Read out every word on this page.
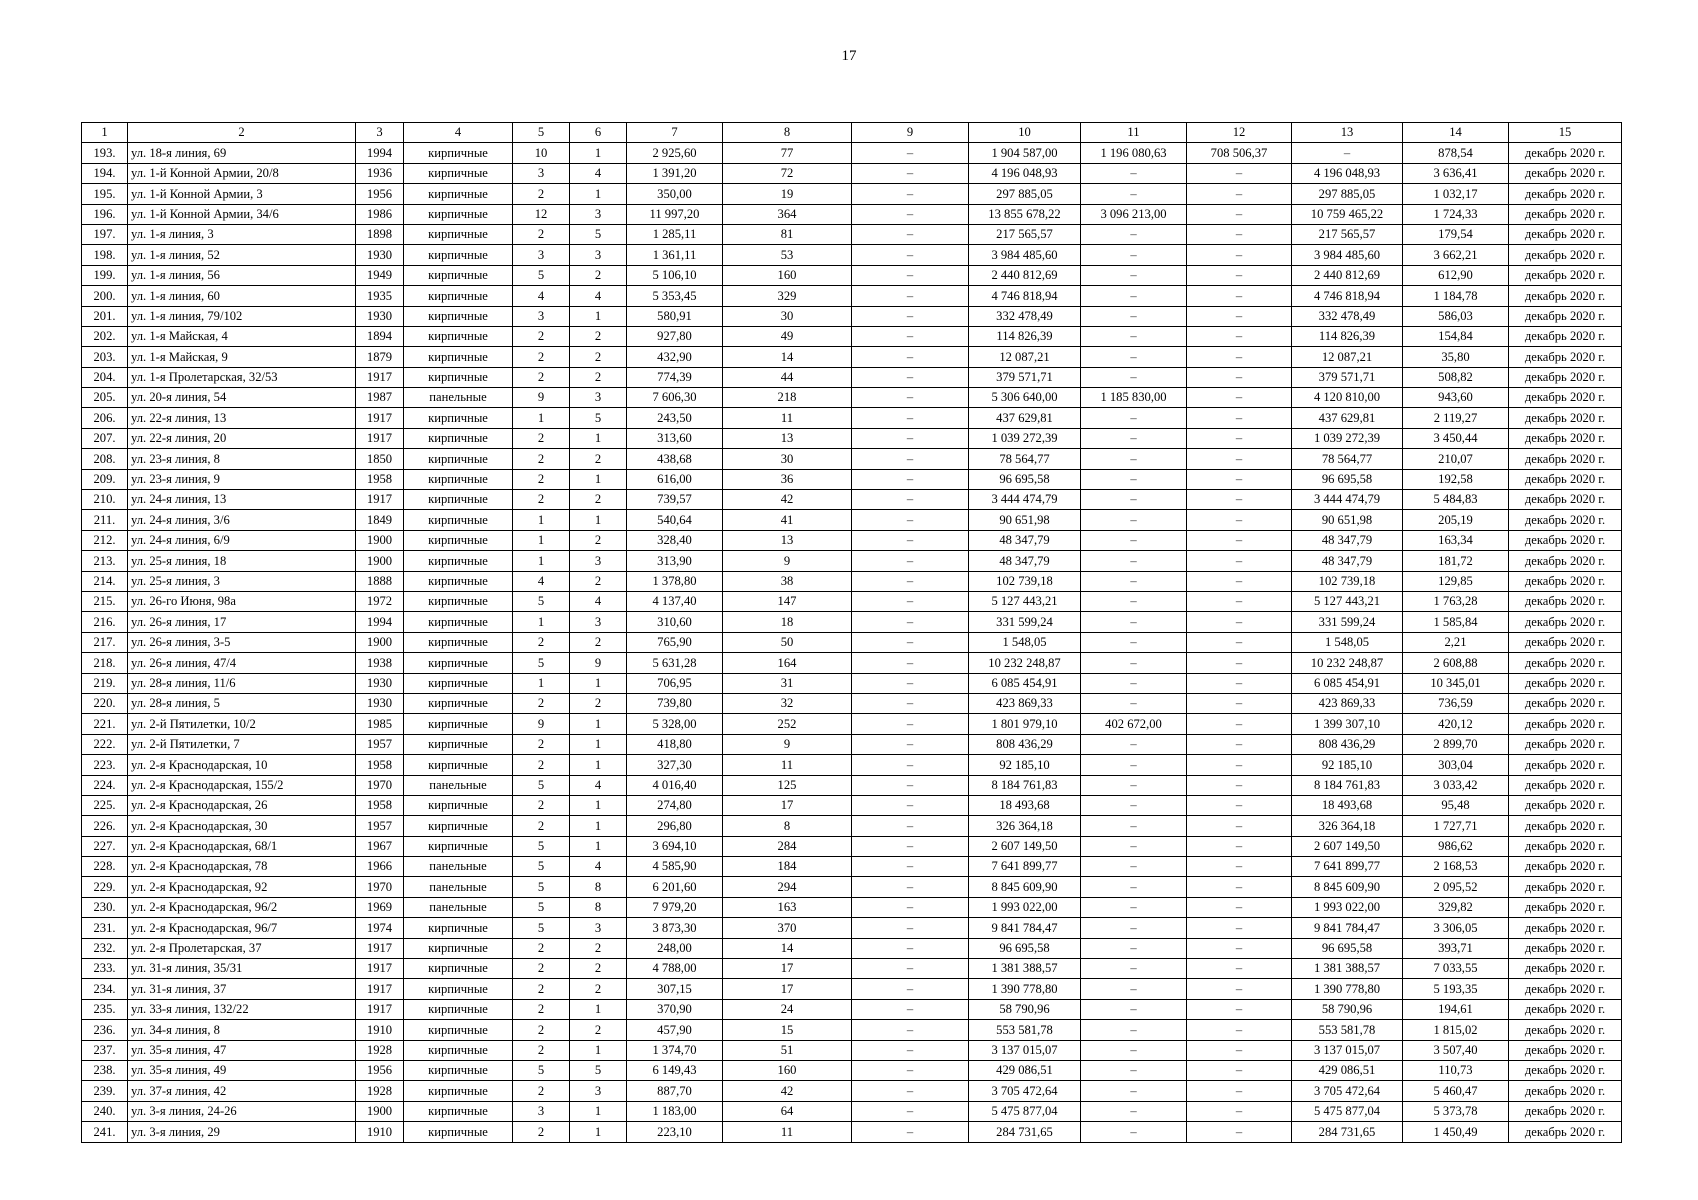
17
1	2	3	4	5	6	7	8	9	10	11	12	13	14	15
193.	ул. 18-я линия, 69	1994	кирпичные	10	1	2 925,60	77	–	1 904 587,00	1 196 080,63	708 506,37	–	878,54	декабрь 2020 г.
194.	ул. 1-й Конной Армии, 20/8	1936	кирпичные	3	4	1 391,20	72	–	4 196 048,93	–	–	4 196 048,93	3 636,41	декабрь 2020 г.
195.	ул. 1-й Конной Армии, 3	1956	кирпичные	2	1	350,00	19	–	297 885,05	–	–	297 885,05	1 032,17	декабрь 2020 г.
196.	ул. 1-й Конной Армии, 34/6	1986	кирпичные	12	3	11 997,20	364	–	13 855 678,22	3 096 213,00	–	10 759 465,22	1 724,33	декабрь 2020 г.
197.	ул. 1-я линия, 3	1898	кирпичные	2	5	1 285,11	81	–	217 565,57	–	–	217 565,57	179,54	декабрь 2020 г.
198.	ул. 1-я линия, 52	1930	кирпичные	3	3	1 361,11	53	–	3 984 485,60	–	–	3 984 485,60	3 662,21	декабрь 2020 г.
199.	ул. 1-я линия, 56	1949	кирпичные	5	2	5 106,10	160	–	2 440 812,69	–	–	2 440 812,69	612,90	декабрь 2020 г.
200.	ул. 1-я линия, 60	1935	кирпичные	4	4	5 353,45	329	–	4 746 818,94	–	–	4 746 818,94	1 184,78	декабрь 2020 г.
201.	ул. 1-я линия, 79/102	1930	кирпичные	3	1	580,91	30	–	332 478,49	–	–	332 478,49	586,03	декабрь 2020 г.
202.	ул. 1-я Майская, 4	1894	кирпичные	2	2	927,80	49	–	114 826,39	–	–	114 826,39	154,84	декабрь 2020 г.
203.	ул. 1-я Майская, 9	1879	кирпичные	2	2	432,90	14	–	12 087,21	–	–	12 087,21	35,80	декабрь 2020 г.
204.	ул. 1-я Пролетарская, 32/53	1917	кирпичные	2	2	774,39	44	–	379 571,71	–	–	379 571,71	508,82	декабрь 2020 г.
205.	ул. 20-я линия, 54	1987	панельные	9	3	7 606,30	218	–	5 306 640,00	1 185 830,00	–	4 120 810,00	943,60	декабрь 2020 г.
206.	ул. 22-я линия, 13	1917	кирпичные	1	5	243,50	11	–	437 629,81	–	–	437 629,81	2 119,27	декабрь 2020 г.
207.	ул. 22-я линия, 20	1917	кирпичные	2	1	313,60	13	–	1 039 272,39	–	–	1 039 272,39	3 450,44	декабрь 2020 г.
208.	ул. 23-я линия, 8	1850	кирпичные	2	2	438,68	30	–	78 564,77	–	–	78 564,77	210,07	декабрь 2020 г.
209.	ул. 23-я линия, 9	1958	кирпичные	2	1	616,00	36	–	96 695,58	–	–	96 695,58	192,58	декабрь 2020 г.
210.	ул. 24-я линия, 13	1917	кирпичные	2	2	739,57	42	–	3 444 474,79	–	–	3 444 474,79	5 484,83	декабрь 2020 г.
211.	ул. 24-я линия, 3/6	1849	кирпичные	1	1	540,64	41	–	90 651,98	–	–	90 651,98	205,19	декабрь 2020 г.
212.	ул. 24-я линия, 6/9	1900	кирпичные	1	2	328,40	13	–	48 347,79	–	–	48 347,79	163,34	декабрь 2020 г.
213.	ул. 25-я линия, 18	1900	кирпичные	1	3	313,90	9	–	48 347,79	–	–	48 347,79	181,72	декабрь 2020 г.
214.	ул. 25-я линия, 3	1888	кирпичные	4	2	1 378,80	38	–	102 739,18	–	–	102 739,18	129,85	декабрь 2020 г.
215.	ул. 26-го Июня, 98а	1972	кирпичные	5	4	4 137,40	147	–	5 127 443,21	–	–	5 127 443,21	1 763,28	декабрь 2020 г.
216.	ул. 26-я линия, 17	1994	кирпичные	1	3	310,60	18	–	331 599,24	–	–	331 599,24	1 585,84	декабрь 2020 г.
217.	ул. 26-я линия, 3-5	1900	кирпичные	2	2	765,90	50	–	1 548,05	–	–	1 548,05	2,21	декабрь 2020 г.
218.	ул. 26-я линия, 47/4	1938	кирпичные	5	9	5 631,28	164	–	10 232 248,87	–	–	10 232 248,87	2 608,88	декабрь 2020 г.
219.	ул. 28-я линия, 11/6	1930	кирпичные	1	1	706,95	31	–	6 085 454,91	–	–	6 085 454,91	10 345,01	декабрь 2020 г.
220.	ул. 28-я линия, 5	1930	кирпичные	2	2	739,80	32	–	423 869,33	–	–	423 869,33	736,59	декабрь 2020 г.
221.	ул. 2-й Пятилетки, 10/2	1985	кирпичные	9	1	5 328,00	252	–	1 801 979,10	402 672,00	–	1 399 307,10	420,12	декабрь 2020 г.
222.	ул. 2-й Пятилетки, 7	1957	кирпичные	2	1	418,80	9	–	808 436,29	–	–	808 436,29	2 899,70	декабрь 2020 г.
223.	ул. 2-я Краснодарская, 10	1958	кирпичные	2	1	327,30	11	–	92 185,10	–	–	92 185,10	303,04	декабрь 2020 г.
224.	ул. 2-я Краснодарская, 155/2	1970	панельные	5	4	4 016,40	125	–	8 184 761,83	–	–	8 184 761,83	3 033,42	декабрь 2020 г.
225.	ул. 2-я Краснодарская, 26	1958	кирпичные	2	1	274,80	17	–	18 493,68	–	–	18 493,68	95,48	декабрь 2020 г.
226.	ул. 2-я Краснодарская, 30	1957	кирпичные	2	1	296,80	8	–	326 364,18	–	–	326 364,18	1 727,71	декабрь 2020 г.
227.	ул. 2-я Краснодарская, 68/1	1967	кирпичные	5	1	3 694,10	284	–	2 607 149,50	–	–	2 607 149,50	986,62	декабрь 2020 г.
228.	ул. 2-я Краснодарская, 78	1966	панельные	5	4	4 585,90	184	–	7 641 899,77	–	–	7 641 899,77	2 168,53	декабрь 2020 г.
229.	ул. 2-я Краснодарская, 92	1970	панельные	5	8	6 201,60	294	–	8 845 609,90	–	–	8 845 609,90	2 095,52	декабрь 2020 г.
230.	ул. 2-я Краснодарская, 96/2	1969	панельные	5	8	7 979,20	163	–	1 993 022,00	–	–	1 993 022,00	329,82	декабрь 2020 г.
231.	ул. 2-я Краснодарская, 96/7	1974	кирпичные	5	3	3 873,30	370	–	9 841 784,47	–	–	9 841 784,47	3 306,05	декабрь 2020 г.
232.	ул. 2-я Пролетарская, 37	1917	кирпичные	2	2	248,00	14	–	96 695,58	–	–	96 695,58	393,71	декабрь 2020 г.
233.	ул. 31-я линия, 35/31	1917	кирпичные	2	2	4 788,00	17	–	1 381 388,57	–	–	1 381 388,57	7 033,55	декабрь 2020 г.
234.	ул. 31-я линия, 37	1917	кирпичные	2	2	307,15	17	–	1 390 778,80	–	–	1 390 778,80	5 193,35	декабрь 2020 г.
235.	ул. 33-я линия, 132/22	1917	кирпичные	2	1	370,90	24	–	58 790,96	–	–	58 790,96	194,61	декабрь 2020 г.
236.	ул. 34-я линия, 8	1910	кирпичные	2	2	457,90	15	–	553 581,78	–	–	553 581,78	1 815,02	декабрь 2020 г.
237.	ул. 35-я линия, 47	1928	кирпичные	2	1	1 374,70	51	–	3 137 015,07	–	–	3 137 015,07	3 507,40	декабрь 2020 г.
238.	ул. 35-я линия, 49	1956	кирпичные	5	5	6 149,43	160	–	429 086,51	–	–	429 086,51	110,73	декабрь 2020 г.
239.	ул. 37-я линия, 42	1928	кирпичные	2	3	887,70	42	–	3 705 472,64	–	–	3 705 472,64	5 460,47	декабрь 2020 г.
240.	ул. 3-я линия, 24-26	1900	кирпичные	3	1	1 183,00	64	–	5 475 877,04	–	–	5 475 877,04	5 373,78	декабрь 2020 г.
241.	ул. 3-я линия, 29	1910	кирпичные	2	1	223,10	11	–	284 731,65	–	–	284 731,65	1 450,49	декабрь 2020 г.
